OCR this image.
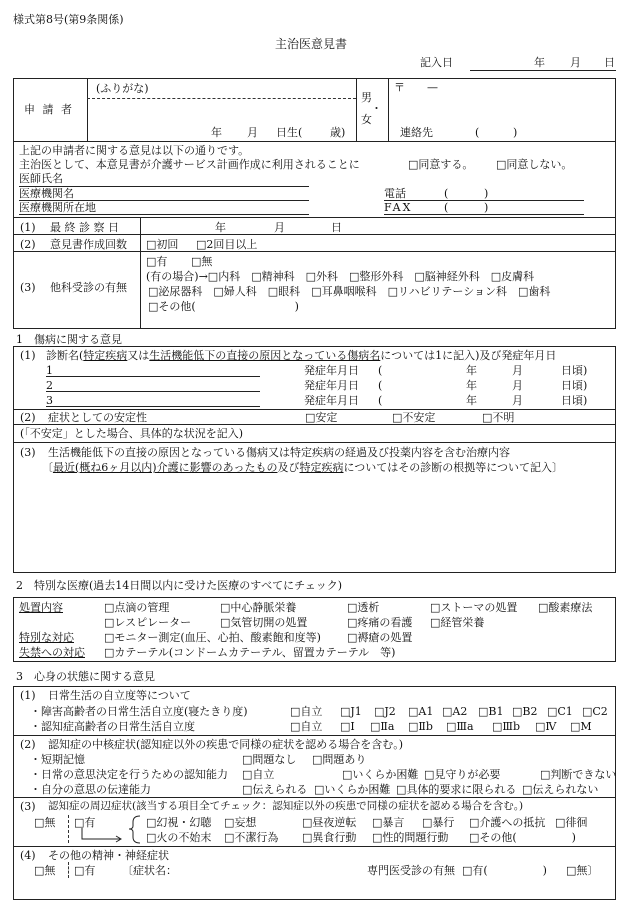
様式第8号(第9条関係)
主治医意見書
記入日	年 月 日
申 請 者
(ふりがな)
年 月 日生(	歳)
男
・
女
〒　　—
連絡先	(	)
上記の申請者に関する意見は以下の通りです。
主治医として、本意見書が介護サービス計画作成に利用されることに	□同意する。 □同意しない。
医師氏名
医療機関名
医療機関所在地
電話	(	)
FAX	(	)
(1) 最 終 診 察 日	年	月	日
(2) 意見書作成回数 □初回 □2回目以上
(3) 他科受診の有無
□有 □無
(有の場合)→□内科　□精神科　□外科　□整形外科　□脳神経外科　□皮膚科
□泌尿器科　□婦人科　□眼科　□耳鼻咽喉科　□リハビリテーション科　□歯科
□その他(　　　　　　　　　)
1　傷病に関する意見
(1) 診断名(特定疾病又は生活機能低下の直接の原因となっている傷病名については1に記入)及び発症年月日
1	発症年月日 (	年	月	日頃)
2	発症年月日 (	年	月	日頃)
3	発症年月日 (	年	月	日頃)
(2) 症状としての安定性	□安定	□不安定	□不明
(「不安定」とした場合、具体的な状況を記入)
(3) 生活機能低下の直接の原因となっている傷病又は特定疾病の経過及び投薬内容を含む治療内容
〔最近(概ね6ヶ月以内)介護に影響のあったもの及び特定疾病についてはその診断の根拠等について記入〕
2　特別な医療(過去14日間以内に受けた医療のすべてにチェック)
処置内容	□点滴の管理	□中心静脈栄養	□透析	□ストーマの処置 □酸素療法
□レスピレーター	□気管切開の処置	□疼痛の看護 □経管栄養
特別な対応	□モニター測定(血圧、心拍、酸素飽和度等) □褥瘡の処置
失禁への対応 □カテーテル(コンドームカテーテル、留置カテーテル　等)
3　心身の状態に関する意見
(1) 日常生活の自立度等について
・障害高齢者の日常生活自立度(寝たきり度)	□自立 □J1 □J2 □A1 □A2 □B1 □B2 □C1 □C2
・認知症高齢者の日常生活自立度	□自立 □Ⅰ □Ⅱa □Ⅱb □Ⅲa □Ⅲb □Ⅳ □M
(2) 認知症の中核症状(認知症以外の疾患で同様の症状を認める場合を含む。)
・短期記憶	□問題なし □問題あり
・日常の意思決定を行うための認知能力 □自立	□いくらか困難 □見守りが必要	□判断できない
・自分の意思の伝達能力	□伝えられる □いくらか困難 □具体的要求に限られる □伝えられない
(3) 認知症の周辺症状(該当する項目全てチェック：認知症以外の疾患で同様の症状を認める場合を含む。)
□無 □有	□幻視・幻聴 □妄想	□昼夜逆転 □暴言 □暴行 □介護への抵抗 □徘徊
□火の不始末 □不潔行為 □異食行動 □性的問題行動 □その他(　　　　　)
(4) その他の精神・神経症状
□無 □有 〔症状名：	専門医受診の有無 □有(　　　　　) □無〕
